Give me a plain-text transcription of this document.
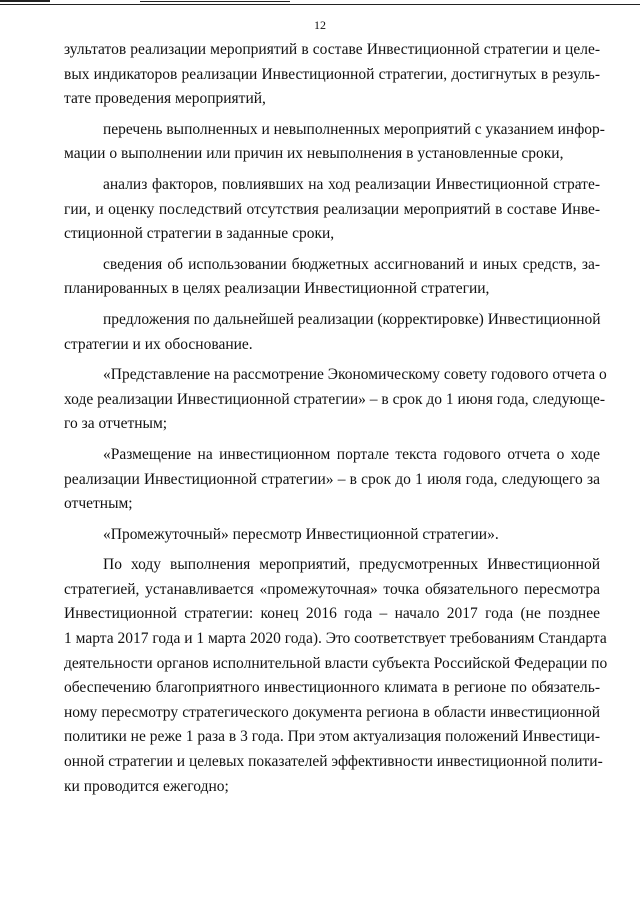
12
зультатов реализации мероприятий в составе Инвестиционной стратегии и целе-
вых индикаторов реализации Инвестиционной стратегии, достигнутых в резуль-
тате проведения мероприятий,
перечень выполненных и невыполненных мероприятий с указанием инфор-
мации о выполнении или причин их невыполнения в установленные сроки,
анализ факторов, повлиявших на ход реализации Инвестиционной страте-
гии, и оценку последствий отсутствия реализации мероприятий в составе Инве-
стиционной стратегии в заданные сроки,
сведения об использовании бюджетных ассигнований и иных средств, за-
планированных в целях реализации Инвестиционной стратегии,
предложения по дальнейшей реализации (корректировке) Инвестиционной
стратегии и их обоснование.
«Представление на рассмотрение Экономическому совету годового отчета о
ходе реализации Инвестиционной стратегии» – в срок до 1 июня года, следующе-
го за отчетным;
«Размещение на инвестиционном портале текста годового отчета о ходе
реализации Инвестиционной стратегии» – в срок до 1 июля года, следующего за
отчетным;
«Промежуточный» пересмотр Инвестиционной стратегии».
По ходу выполнения мероприятий, предусмотренных Инвестиционной
стратегией, устанавливается «промежуточная» точка обязательного пересмотра
Инвестиционной стратегии: конец 2016 года – начало 2017 года (не позднее
1 марта 2017 года и 1 марта 2020 года). Это соответствует требованиям Стандарта
деятельности органов исполнительной власти субъекта Российской Федерации по
обеспечению благоприятного инвестиционного климата в регионе по обязатель-
ному пересмотру стратегического документа региона в области инвестиционной
политики не реже 1 раза в 3 года. При этом актуализация положений Инвестици-
онной стратегии и целевых показателей эффективности инвестиционной полити-
ки проводится ежегодно;
